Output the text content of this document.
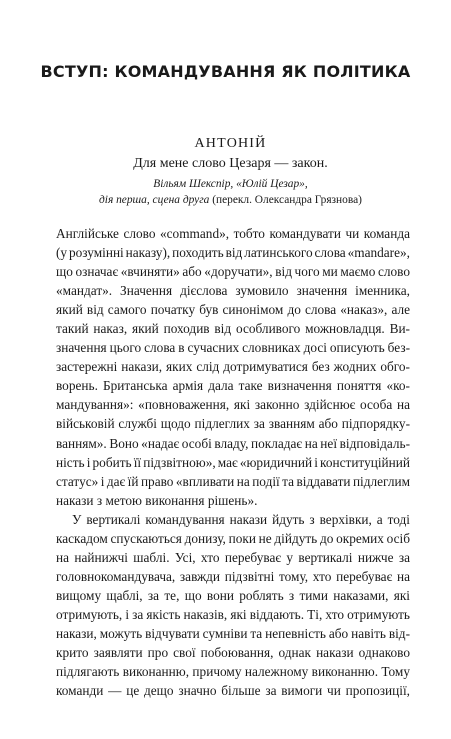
ВСТУП: КОМАНДУВАННЯ ЯК ПОЛІТИКА
АНТОНІЙ
Для мене слово Цезаря — закон.
Вільям Шекспір, «Юлій Цезар»,
дія перша, сцена друга (перекл. Олександра Грязнова)
Англійське слово «command», тобто командувати чи команда
(у розумінні наказу), походить від латинського слова «mandare»,
що означає «вчиняти» або «доручати», від чого ми маємо слово
«мандат». Значення дієслова зумовило значення іменника,
який від самого початку був синонімом до слова «наказ», але
такий наказ, який походив від особливого можновладця. Ви-
значення цього слова в сучасних словниках досі описують без-
застережні накази, яких слід дотримуватися без жодних обго-
ворень. Британська армія дала таке визначення поняття «ко-
мандування»: «повноваження, які законно здійснює особа на
військовій службі щодо підлеглих за званням або підпорядку-
ванням». Воно «надає особі владу, покладає на неї відповідаль-
ність і робить її підзвітною», має «юридичний і конституційний
статус» і дає їй право «впливати на події та віддавати підлеглим
накази з метою виконання рішень».
У вертикалі командування накази йдуть з верхівки, а тоді
каскадом спускаються донизу, поки не дійдуть до окремих осіб
на найнижчі шаблі. Усі, хто перебуває у вертикалі нижче за
головнокомандувача, завжди підзвітні тому, хто перебуває на
вищому щаблі, за те, що вони роблять з тими наказами, які
отримують, і за якість наказів, які віддають. Ті, хто отримують
накази, можуть відчувати сумніви та непевність або навіть від-
крито заявляти про свої побоювання, однак накази однаково
підлягають виконанню, причому належному виконанню. Тому
команди — це дещо значно більше за вимоги чи пропозиції,
